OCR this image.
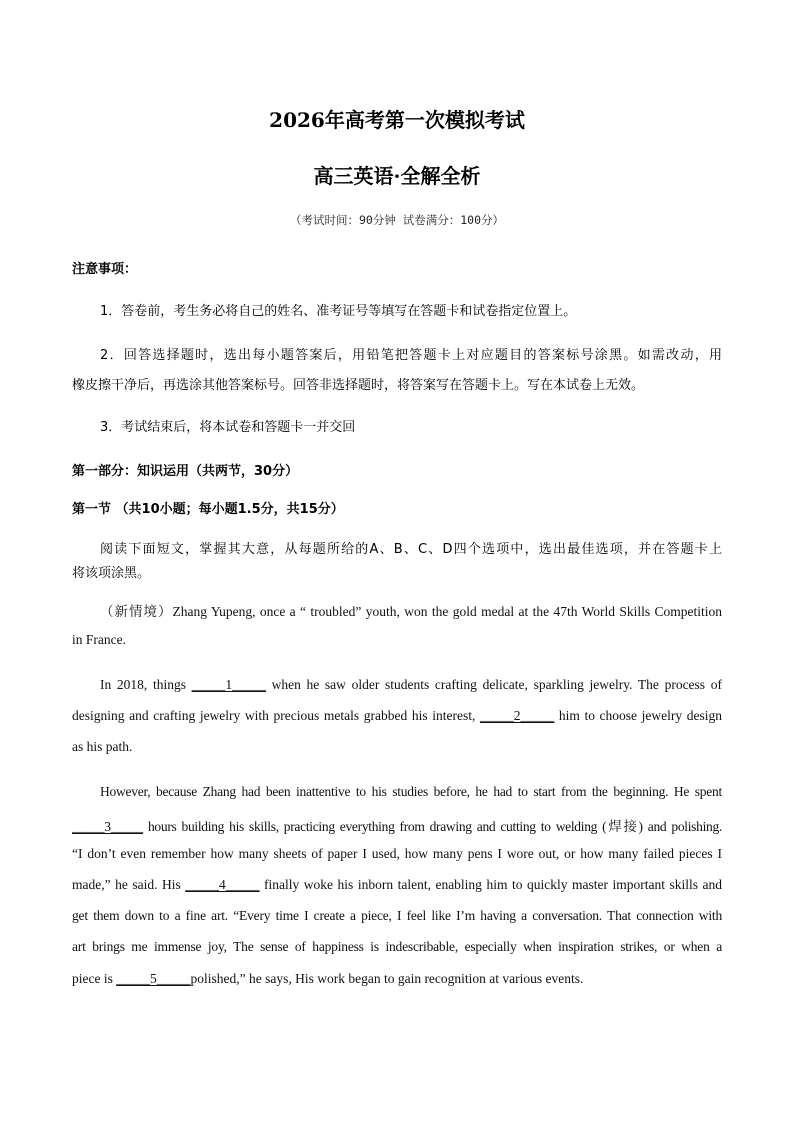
2026年高考第一次模拟考试
高三英语·全解全析
（考试时间：90分钟 试卷满分：100分）
注意事项：
1．答卷前，考生务必将自己的姓名、准考证号等填写在答题卡和试卷指定位置上。
2．回答选择题时，选出每小题答案后，用铅笔把答题卡上对应题目的答案标号涂黑。如需改动，用
橡皮擦干净后，再选涂其他答案标号。回答非选择题时，将答案写在答题卡上。写在本试卷上无效。
3．考试结束后，将本试卷和答题卡一并交回
第一部分：知识运用（共两节，30分）
第一节 （共10小题；每小题1.5分，共15分）
阅读下面短文，掌握其大意，从每题所给的A、B、C、D四个选项中，选出最佳选项，并在答题卡上
将该项涂黑。
（新情境）Zhang Yupeng, once a “ troubled” youth, won the gold medal at the 47th World Skills Competition
in France.
In 2018, things _____1_____ when he saw older students crafting delicate, sparkling jewelry. The process of
designing and crafting jewelry with precious metals grabbed his interest, _____2_____ him to choose jewelry design
as his path.
However, because Zhang had been inattentive to his studies before, he had to start from the beginning. He spent
_____3_____ hours building his skills, practicing everything from drawing and cutting to welding (焊接) and polishing.
“I don’t even remember how many sheets of paper I used, how many pens I wore out, or how many failed pieces I
made,” he said. His _____4_____ finally woke his inborn talent, enabling him to quickly master important skills and
get them down to a fine art. “Every time I create a piece, I feel like I’m having a conversation. That connection with
art brings me immense joy, The sense of happiness is indescribable, especially when inspiration strikes, or when a
piece is _____5_____polished,” he says, His work began to gain recognition at various events.
